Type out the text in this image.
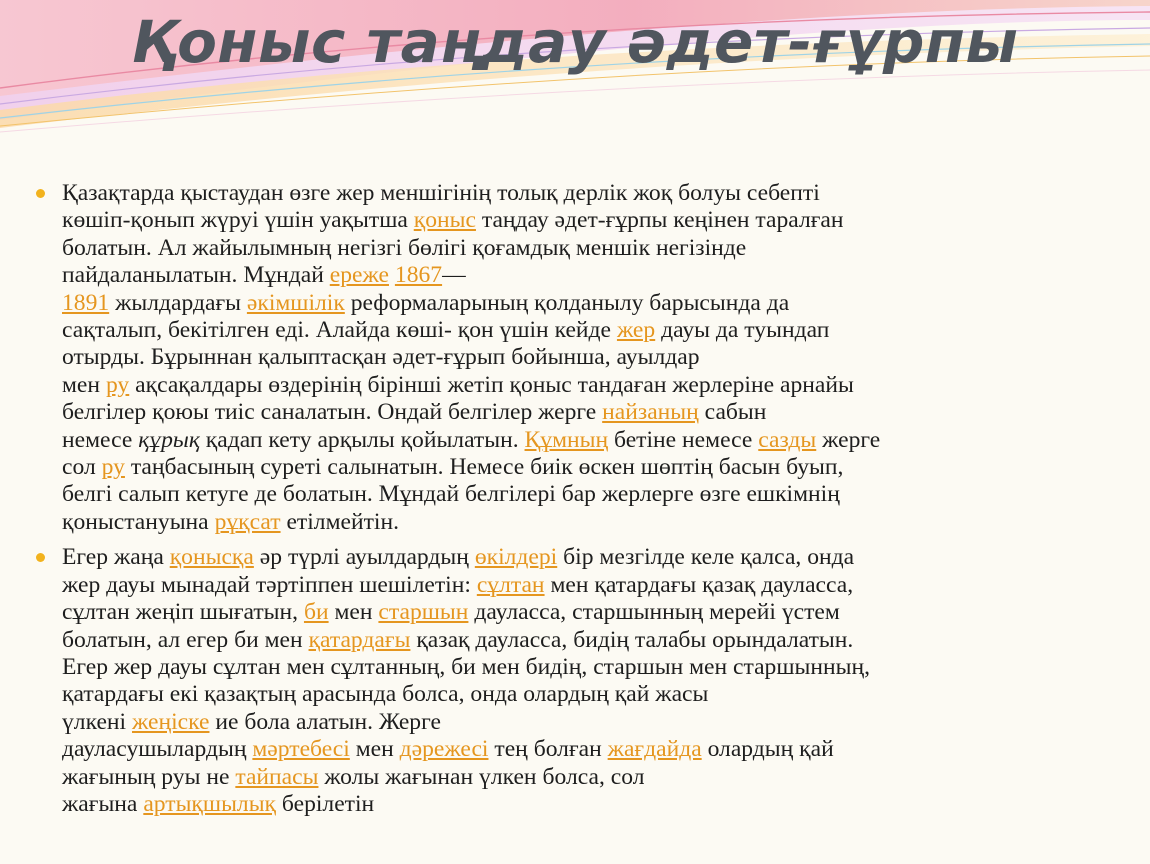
Қоныс таңдау әдет-ғұрпы
Қазақтарда қыстаудан өзге жер меншігінің толық дерлік жоқ болуы себепті
көшіп-қонып жүруі үшін уақытша қоныс таңдау әдет-ғұрпы кеңінен таралған
болатын. Ал жайылымның негізгі бөлігі қоғамдық меншік негізінде
пайдаланылатын. Мұндай ереже 1867—
1891 жылдардағы әкімшілік реформаларының қолданылу барысында да
сақталып, бекітілген еді. Алайда көші- қон үшін кейде жер дауы да туындап
отырды. Бұрыннан қалыптасқан әдет-ғұрып бойынша, ауылдар
мен ру ақсақалдары өздерінің бірінші жетіп қоныс тандаған жерлеріне арнайы
белгілер қоюы тиіс саналатын. Ондай белгілер жерге найзаның сабын
немесе құрық қадап кету арқылы қойылатын. Құмның бетіне немесе сазды жерге
сол ру таңбасының суреті салынатын. Немесе биік өскен шөптің басын буып,
белгі салып кетуге де болатын. Мұндай белгілері бар жерлерге өзге ешкімнің
қоныстануына рұқсат етілмейтін.
Егер жаңа қонысқа әр түрлі ауылдардың өкілдері бір мезгілде келе қалса, онда
жер дауы мынадай тәртіппен шешілетін: сұлтан мен қатардағы қазақ дауласса,
сұлтан жеңіп шығатын, би мен старшын дауласса, старшынның мерейі үстем
болатын, ал егер би мен қатардағы қазақ дауласса, бидің талабы орындалатын.
Егер жер дауы сұлтан мен сұлтанның, би мен бидің, старшын мен старшынның,
қатардағы екі қазақтың арасында болса, онда олардың қай жасы
үлкені жеңіске ие бола алатын. Жерге
дауласушылардың мәртебесі мен дәрежесі тең болған жағдайда олардың қай
жағының руы не тайпасы жолы жағынан үлкен болса, сол
жағына артықшылық берілетін
